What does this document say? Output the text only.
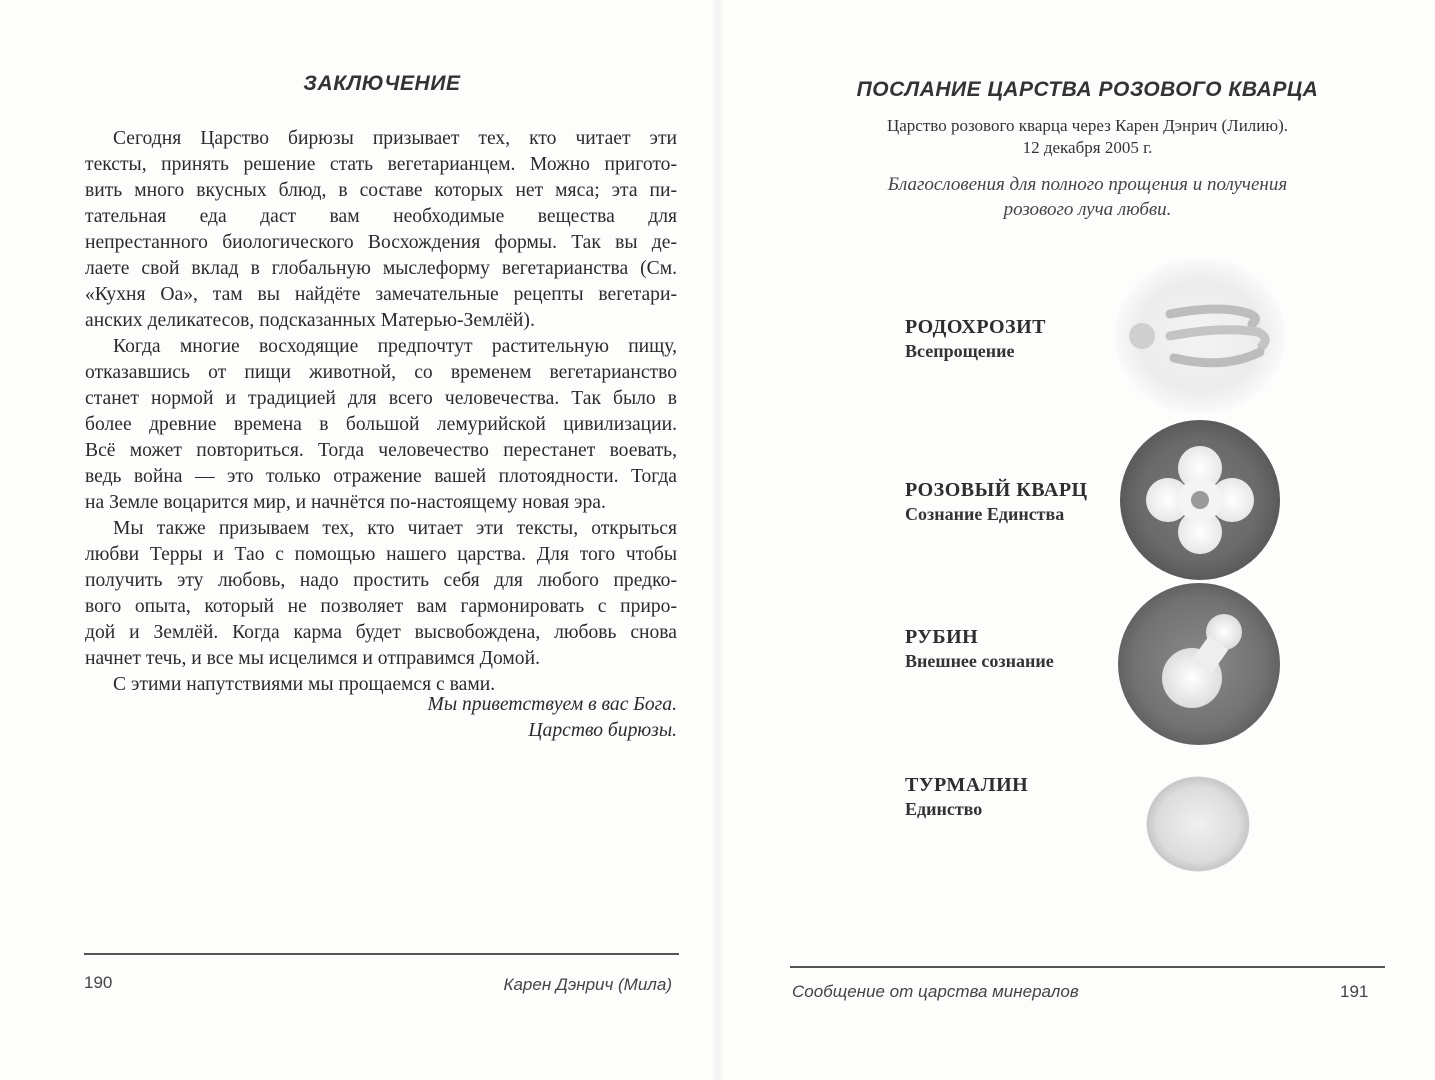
ЗАКЛЮЧЕНИЕ
Сегодня Царство бирюзы призывает тех, кто читает эти
тексты, принять решение стать вегетарианцем. Можно пригото-
вить много вкусных блюд, в составе которых нет мяса; эта пи-
тательная еда даст вам необходимые вещества для
непрестанного биологического Восхождения формы. Так вы де-
лаете свой вклад в глобальную мыслеформу вегетарианства (См.
«Кухня Оа», там вы найдёте замечательные рецепты вегетари-
анских деликатесов, подсказанных Матерью-Землёй).
Когда многие восходящие предпочтут растительную пищу,
отказавшись от пищи животной, со временем вегетарианство
станет нормой и традицией для всего человечества. Так было в
более древние времена в большой лемурийской цивилизации.
Всё может повториться. Тогда человечество перестанет воевать,
ведь война — это только отражение вашей плотоядности. Тогда
на Земле воцарится мир, и начнётся по-настоящему новая эра.
Мы также призываем тех, кто читает эти тексты, открыться
любви Терры и Тао с помощью нашего царства. Для того чтобы
получить эту любовь, надо простить себя для любого предко-
вого опыта, который не позволяет вам гармонировать с приро-
дой и Землёй. Когда карма будет высвобождена, любовь снова
начнет течь, и все мы исцелимся и отправимся Домой.
С этими напутствиями мы прощаемся с вами.
Мы приветствуем в вас Бога.
Царство бирюзы.
190	Карен Дэнрич (Мила)
ПОСЛАНИЕ ЦАРСТВА РОЗОВОГО КВАРЦА
Царство розового кварца через Карен Дэнрич (Лилию).
12 декабря 2005 г.
Благословения для полного прощения и получения
розового луча любви.
РОДОХРОЗИТ
Всепрощение
РОЗОВЫЙ КВАРЦ
Сознание Единства
РУБИН
Внешнее сознание
ТУРМАЛИН
Единство
Сообщение от царства минералов	191
